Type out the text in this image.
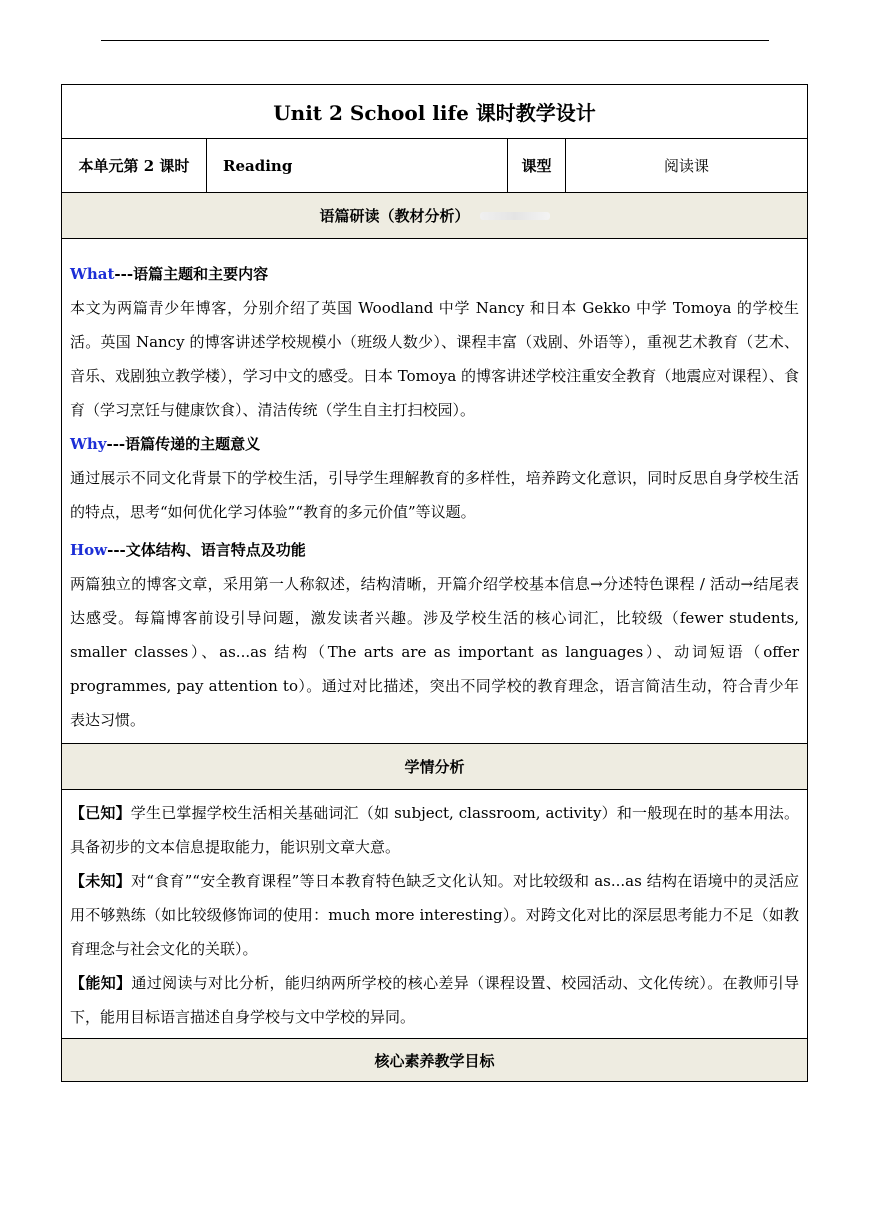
Unit 2 School life 课时教学设计
本单元第 2 课时	Reading	课型	阅读课
语篇研读（教材分析）

What---语篇主题和主要内容

本文为两篇青少年博客，分别介绍了英国 Woodland 中学 Nancy 和日本 Gekko 中学 Tomoya 的学校生活。英国 Nancy 的博客讲述学校规模小（班级人数少）、课程丰富（戏剧、外语等），重视艺术教育（艺术、音乐、戏剧独立教学楼），学习中文的感受。日本 Tomoya 的博客讲述学校注重安全教育（地震应对课程）、食育（学习烹饪与健康饮食）、清洁传统（学生自主打扫校园）。

Why---语篇传递的主题意义

通过展示不同文化背景下的学校生活，引导学生理解教育的多样性，培养跨文化意识，同时反思自身学校生活的特点，思考“如何优化学习体验”“教育的多元价值”等议题。

How---文体结构、语言特点及功能

两篇独立的博客文章，采用第一人称叙述，结构清晰，开篇介绍学校基本信息→分述特色课程 / 活动→结尾表达感受。每篇博客前设引导问题，激发读者兴趣。涉及学校生活的核心词汇，比较级（fewer students, smaller classes）、as...as 结构（The arts are as important as languages）、动词短语（offer programmes, pay attention to）。通过对比描述，突出不同学校的教育理念，语言简洁生动，符合青少年表达习惯。

学情分析

【已知】学生已掌握学校生活相关基础词汇（如 subject, classroom, activity）和一般现在时的基本用法。具备初步的文本信息提取能力，能识别文章大意。

【未知】对“食育”“安全教育课程”等日本教育特色缺乏文化认知。对比较级和 as...as 结构在语境中的灵活应用不够熟练（如比较级修饰词的使用：much more interesting）。对跨文化对比的深层思考能力不足（如教育理念与社会文化的关联）。

【能知】通过阅读与对比分析，能归纳两所学校的核心差异（课程设置、校园活动、文化传统）。在教师引导下，能用目标语言描述自身学校与文中学校的异同。

核心素养教学目标
